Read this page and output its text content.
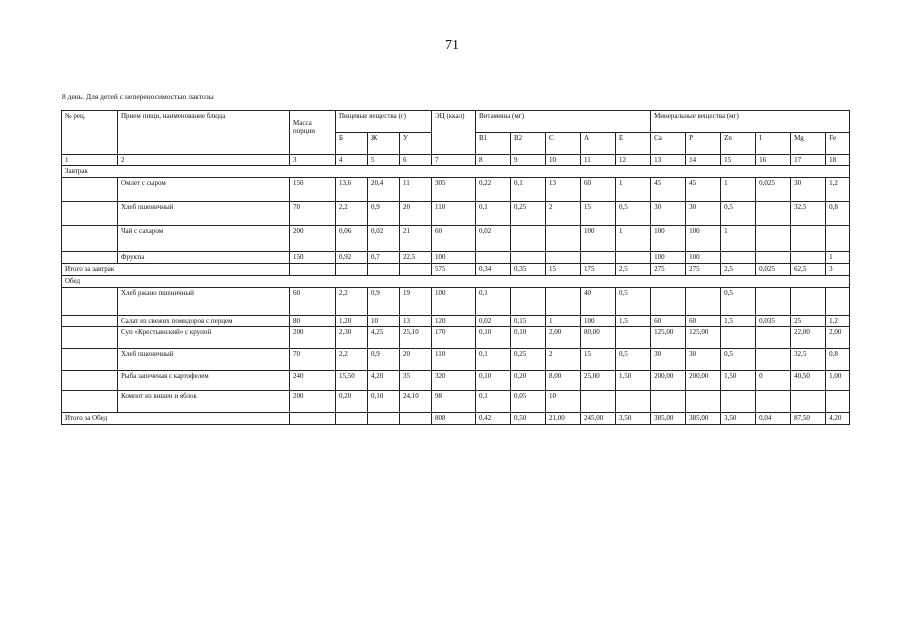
71
8 день. Для детей с непереносимостью лактозы
№ рец.	Прием пищи, наименование блюда	Масса порции	Пищевые вещества (г)			ЭЦ (ккал)	Витамины (мг)					Минеральные вещества (мг)					
			Б	Ж	У		B1	B2	C	A	E	Ca	P	Zn	I	Mg	Fe
1	2	3	4	5	6	7	8	9	10	11	12	13	14	15	16	17	18
Завтрак																	
	Омлет с сыром	150	13,6	20,4	11	305	0,22	0,1	13	60	1	45	45	1	0,025	30	1,2
	Хлеб пшеничный	70	2,2	0,9	20	110	0,1	0,25	2	15	0,5	30	30	0,5		32,5	0,8
	Чай с сахаром	200	0,06	0,02	21	60	0,02			100	1	100	100	1			
	Фрукты	150	0,92	0,7	22,5	100						100	100				1
Итого за завтрак						575	0,34	0,35	15	175	2,5	275	275	2,5	0,025	62,5	3
Обед																	
	Хлеб ржано пшеничный	60	2,2	0,9	19	100	0,1			40	0,5			0,5			
	Салат из свежих помидоров с перцем	80	1,20	10	13	120	0,02	0,15	1	100	1,5	60	60	1,5	0,035	25	1,2
	Суп «Крестьянский» с крупой	200	2,30	4,25	25,10	170	0,10	0,10	2,00	80,00		125,00	125,00			22,00	2,00
	Хлеб пшеничный	70	2,2	0,9	20	110	0,1	0,25	2	15	0,5	30	30	0,5		32,5	0,8
	Рыба запеченая с картофелем	240	15,50	4,20	35	320	0,10	0,20	8,00	25,00	1,50	200,00	200,00	1,50	0	40,50	1,00
	Компот из вишен и яблок	200	0,20	0,10	24,10	98	0,1	0,05	10								
Итого за Обед						808	0,42	0,50	21,00	245,00	3,50	385,00	385,00	3,50	0,04	87,50	4,20
